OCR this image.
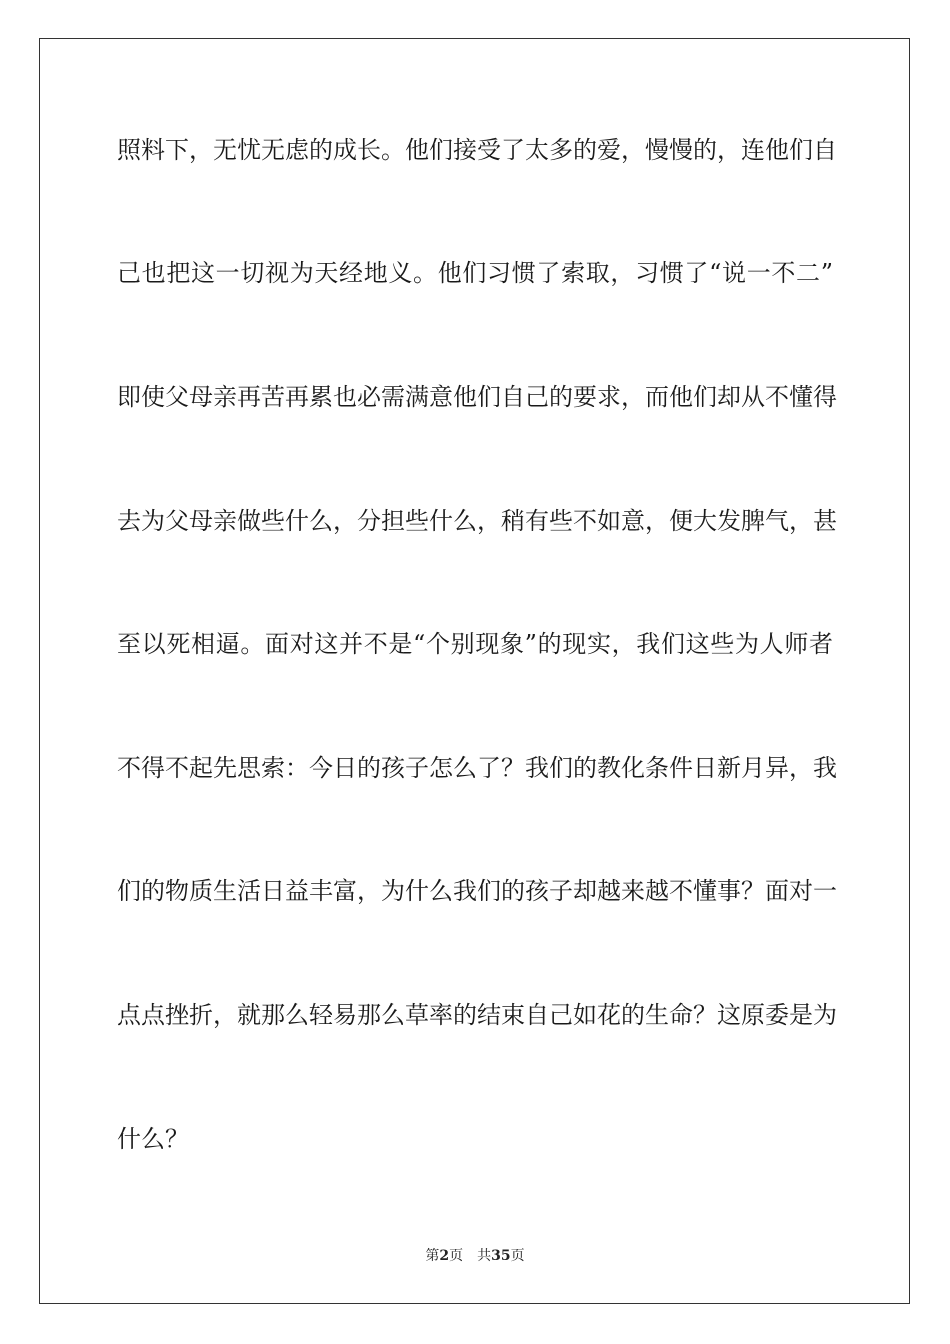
照料下，无忧无虑的成长。他们接受了太多的爱，慢慢的，连他们自
己也把这一切视为天经地义。他们习惯了索取，习惯了“说一不二”
即使父母亲再苦再累也必需满意他们自己的要求，而他们却从不懂得
去为父母亲做些什么，分担些什么，稍有些不如意，便大发脾气，甚
至以死相逼。面对这并不是“个别现象”的现实，我们这些为人师者
不得不起先思索：今日的孩子怎么了？我们的教化条件日新月异，我
们的物质生活日益丰富，为什么我们的孩子却越来越不懂事？面对一
点点挫折，就那么轻易那么草率的结束自己如花的生命？这原委是为
什么？
第2页 共35页
